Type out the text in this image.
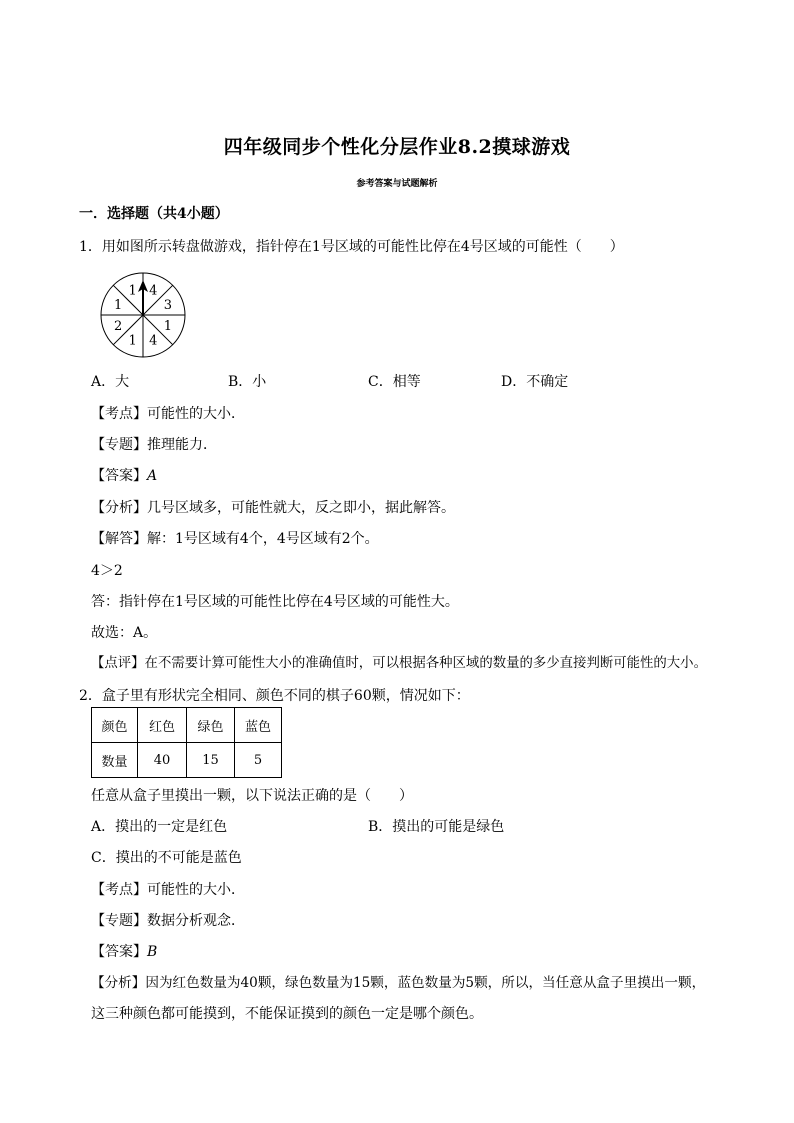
四年级同步个性化分层作业8.2摸球游戏
参考答案与试题解析
一．选择题（共4小题）
1．用如图所示转盘做游戏，指针停在1号区域的可能性比停在4号区域的可能性（　　）
4
3
1
4
1
2
1
1
A．大	B．小	C．相等	D．不确定
【考点】可能性的大小．
【专题】推理能力．
【答案】A
【分析】几号区域多，可能性就大，反之即小，据此解答。
【解答】解：1号区域有4个，4号区域有2个。
4＞2
答：指针停在1号区域的可能性比停在4号区域的可能性大。
故选：A。
【点评】在不需要计算可能性大小的准确值时，可以根据各种区域的数量的多少直接判断可能性的大小。
2．盒子里有形状完全相同、颜色不同的棋子60颗，情况如下：
颜色	红色	绿色	蓝色
数量	40	15	5
任意从盒子里摸出一颗，以下说法正确的是（　　）
A．摸出的一定是红色	B．摸出的可能是绿色
C．摸出的不可能是蓝色
【考点】可能性的大小．
【专题】数据分析观念．
【答案】B
【分析】因为红色数量为40颗，绿色数量为15颗，蓝色数量为5颗，所以，当任意从盒子里摸出一颗，
这三种颜色都可能摸到，不能保证摸到的颜色一定是哪个颜色。
